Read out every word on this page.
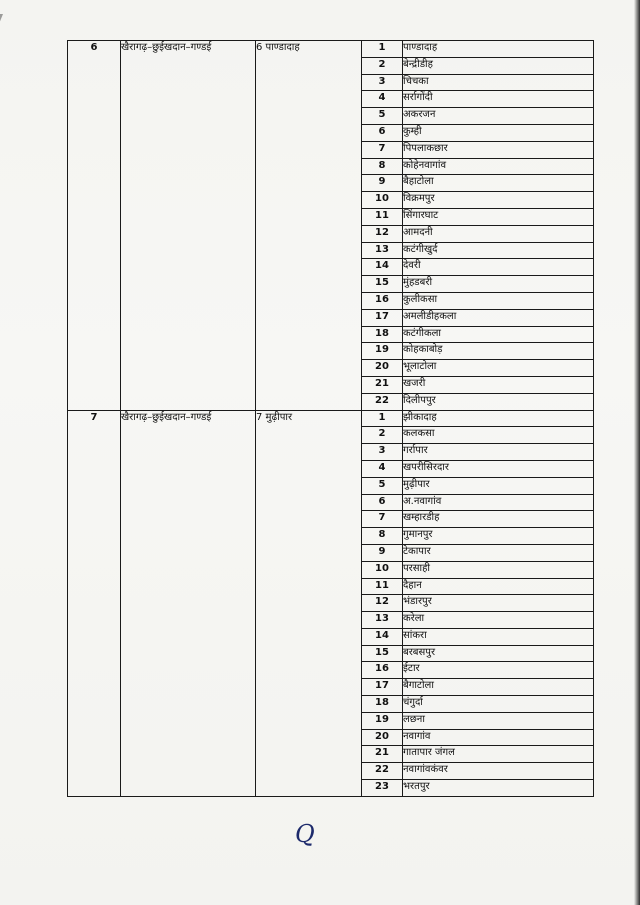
6	खैरागढ़–छुईखदान–गण्डई	6 पाण्डादाह	1	पाण्डादाह
			2	बेन्द्रीडीह
			3	चिचका
			4	सर्रागोंदी
			5	अकरजन
			6	कुम्ही
			7	पिपलाकछार
			8	कोहेनवागांव
			9	बैहाटोला
			10	विक्रमपुर
			11	सिंगारघाट
			12	आमदनी
			13	कटंगीखुर्द
			14	देवरी
			15	मुंहडबरी
			16	कुलीकसा
			17	अमलीडीहकला
			18	कटंगीकला
			19	कोहकाबोड़
			20	भूलाटोला
			21	खजरी
			22	दिलीपपुर
7	खैरागढ़–छुईखदान–गण्डई	7 मुढ़ीपार	1	झीकादाह
			2	कलकसा
			3	गर्रापार
			4	खपरीसिरदार
			5	मुढ़ीपार
			6	अ.नवागांव
			7	खम्हारडीह
			8	गुमानपुर
			9	टेकापार
			10	परसाही
			11	दैहान
			12	भंडारपुर
			13	करेला
			14	सांकरा
			15	बरबसपुर
			16	ईटार
			17	बैगाटोला
			18	चंगुर्दा
			19	लछना
			20	नवागांव
			21	गातापार जंगल
			22	नवागांवकंवर
			23	भरतपुर
Q
